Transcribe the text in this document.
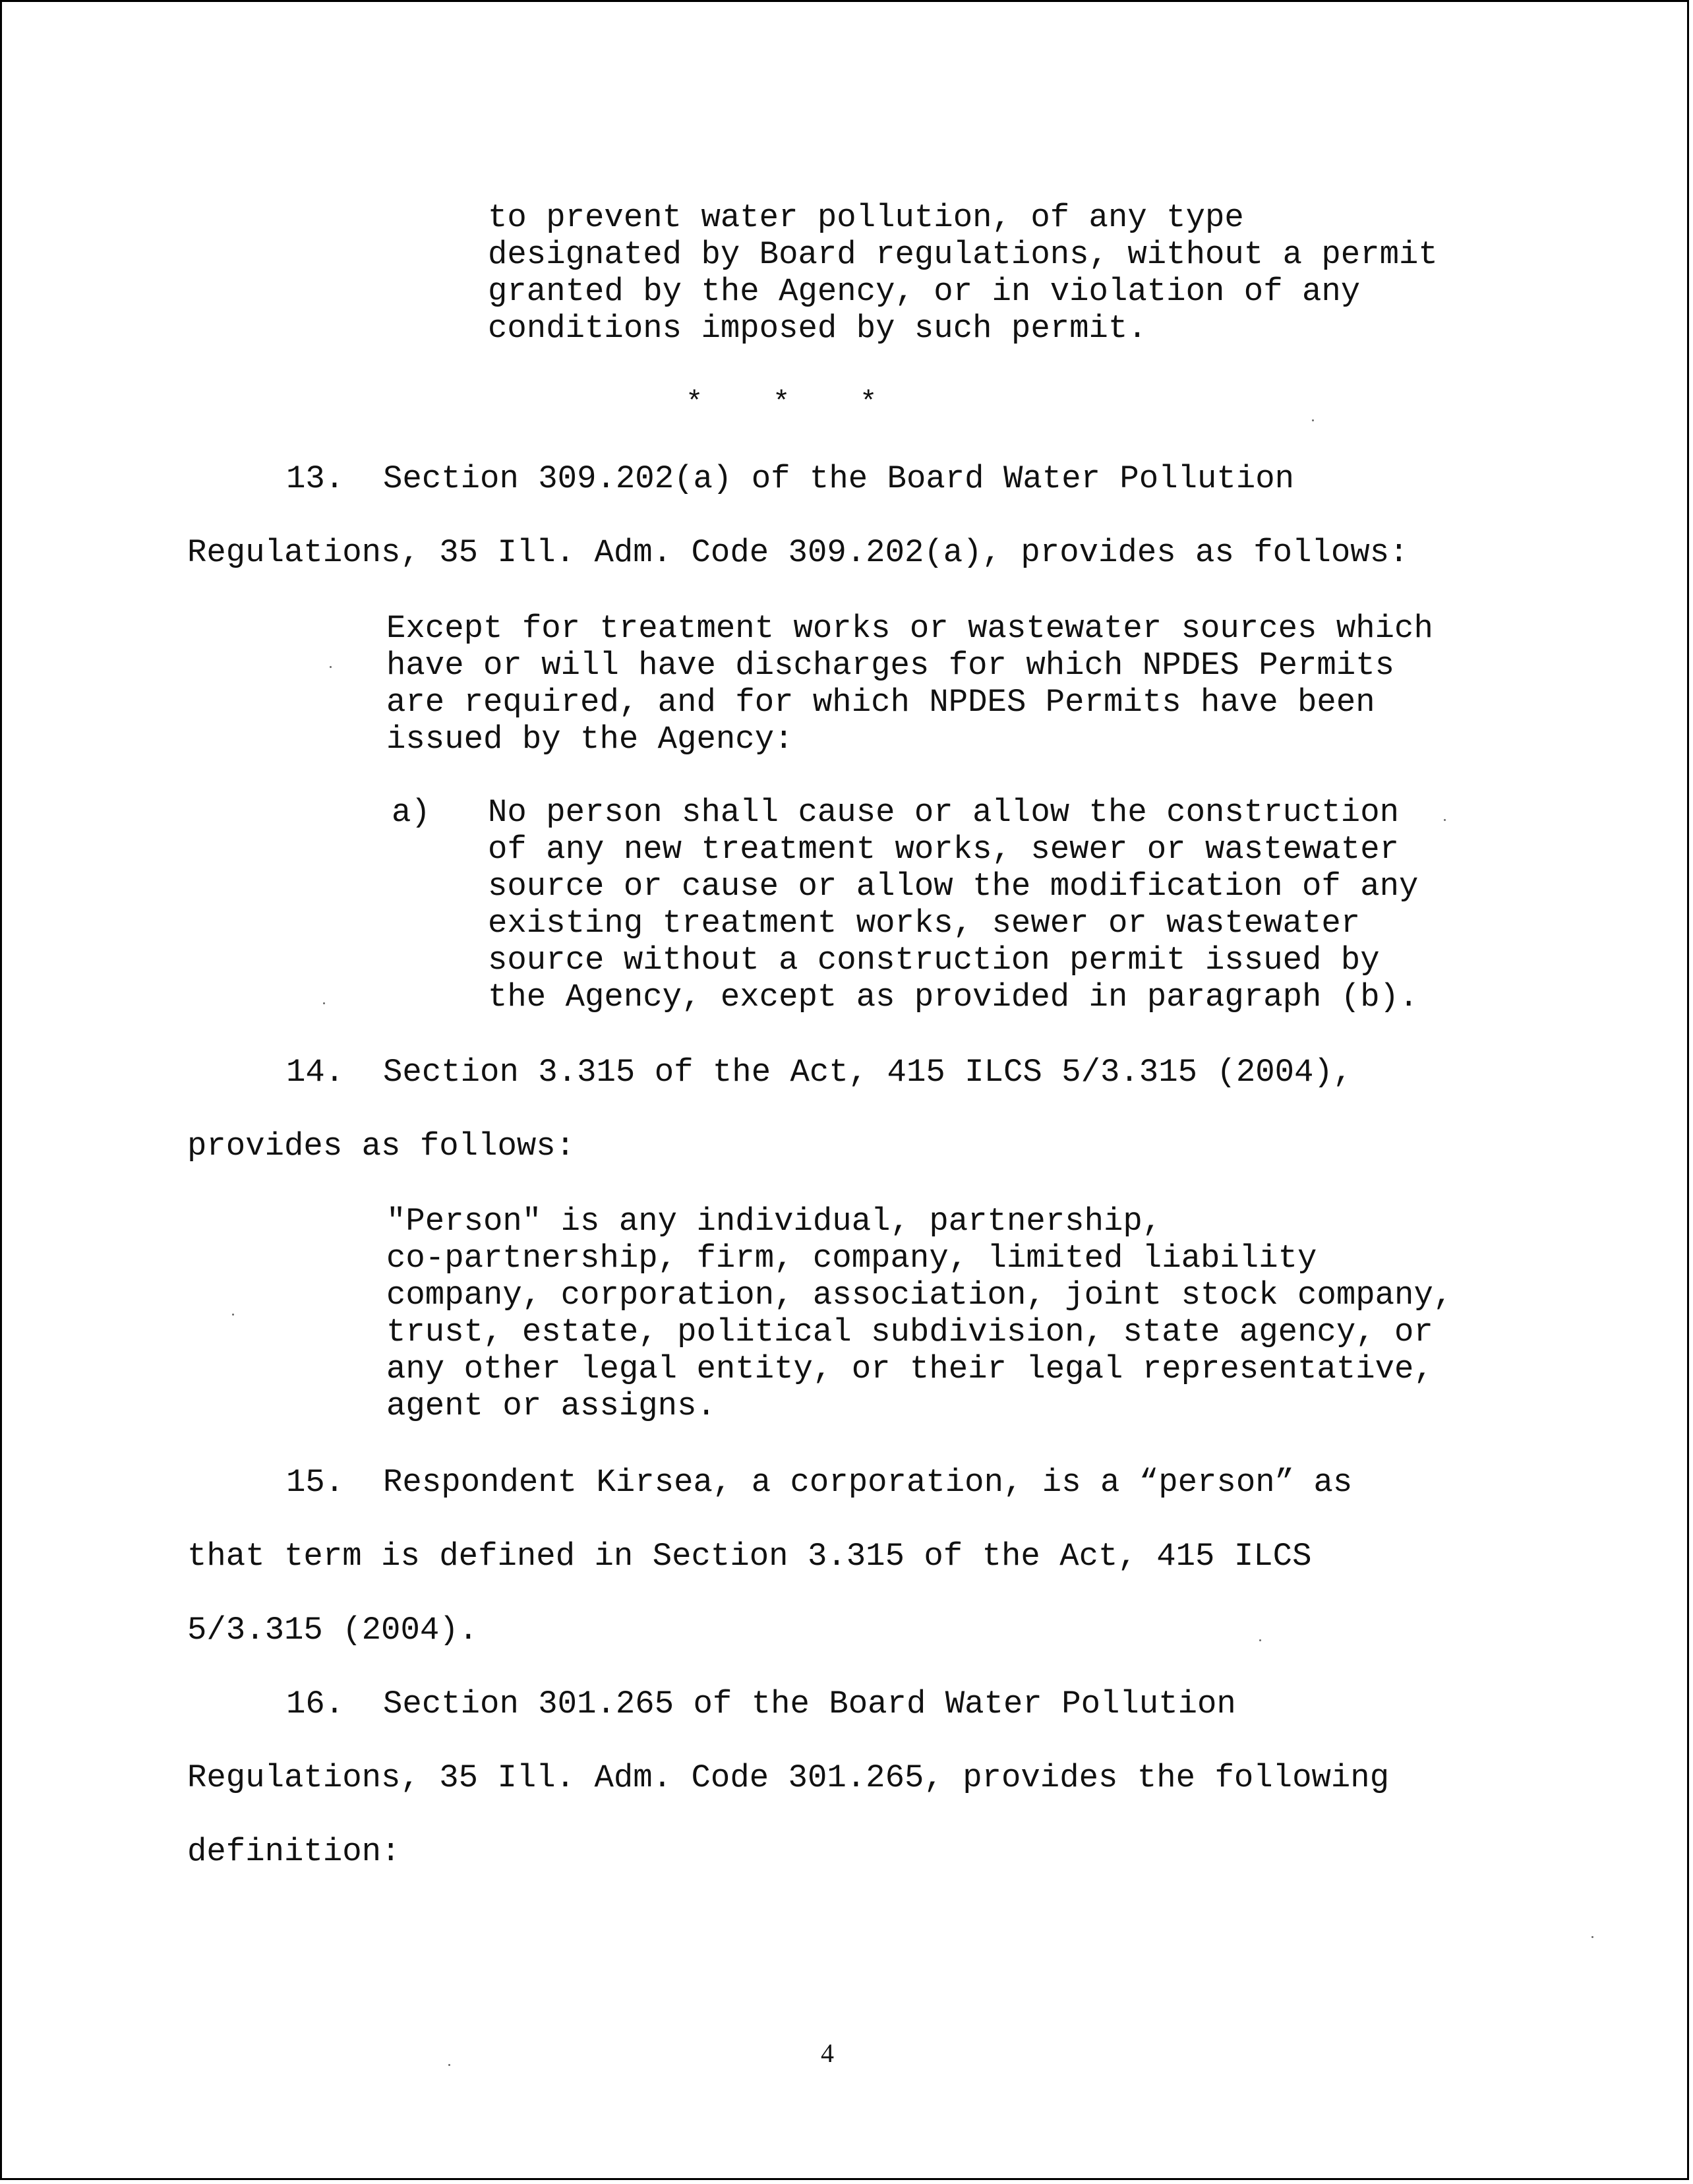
to prevent water pollution, of any type
designated by Board regulations, without a permit
granted by the Agency, or in violation of any
conditions imposed by such permit.
*    *    *
13.  Section 309.202(a) of the Board Water Pollution
Regulations, 35 Ill. Adm. Code 309.202(a), provides as follows:
Except for treatment works or wastewater sources which
have or will have discharges for which NPDES Permits
are required, and for which NPDES Permits have been
issued by the Agency:
a) No person shall cause or allow the construction
of any new treatment works, sewer or wastewater
source or cause or allow the modification of any
existing treatment works, sewer or wastewater
source without a construction permit issued by
the Agency, except as provided in paragraph (b).
14.  Section 3.315 of the Act, 415 ILCS 5/3.315 (2004),
provides as follows:
"Person" is any individual, partnership,
co-partnership, firm, company, limited liability
company, corporation, association, joint stock company,
trust, estate, political subdivision, state agency, or
any other legal entity, or their legal representative,
agent or assigns.
15.  Respondent Kirsea, a corporation, is a “person” as
that term is defined in Section 3.315 of the Act, 415 ILCS
5/3.315 (2004).
16.  Section 301.265 of the Board Water Pollution
Regulations, 35 Ill. Adm. Code 301.265, provides the following
definition:
4
